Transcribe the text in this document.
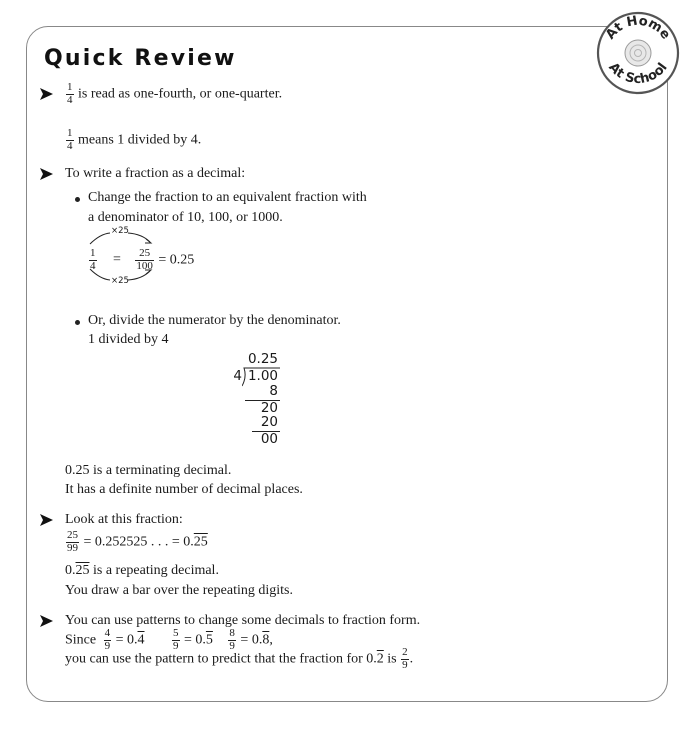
Quick Review
At Home
At School
$\frac{1}{4}$ is read as one-fourth, or one-quarter.
$\frac{1}{4}$ means 1 divided by 4.
To write a fraction as a decimal:
Change the fraction to an equivalent fraction with
a denominator of 10, 100, or 1000.
×25
×25
$\frac{1}{4} = \frac{25}{100} = 0.25$
Or, divide the numerator by the denominator.
1 divided by 4
0.25
4 1.00
8
20
20
00
0.25 is a terminating decimal.
It has a definite number of decimal places.
Look at this fraction:
$\frac{25}{99} = 0.252525$ . . . = 0.25
0.25 is a repeating decimal.
You draw a bar over the repeating digits.
You can use patterns to change some decimals to fraction form.
Since $\frac{4}{9} = 0.4$	$\frac{5}{9} = 0.5 \frac{8}{9} = 0.8$,
you can use the pattern to predict that the fraction for 0.2 is $\frac{2}{9}$ .
